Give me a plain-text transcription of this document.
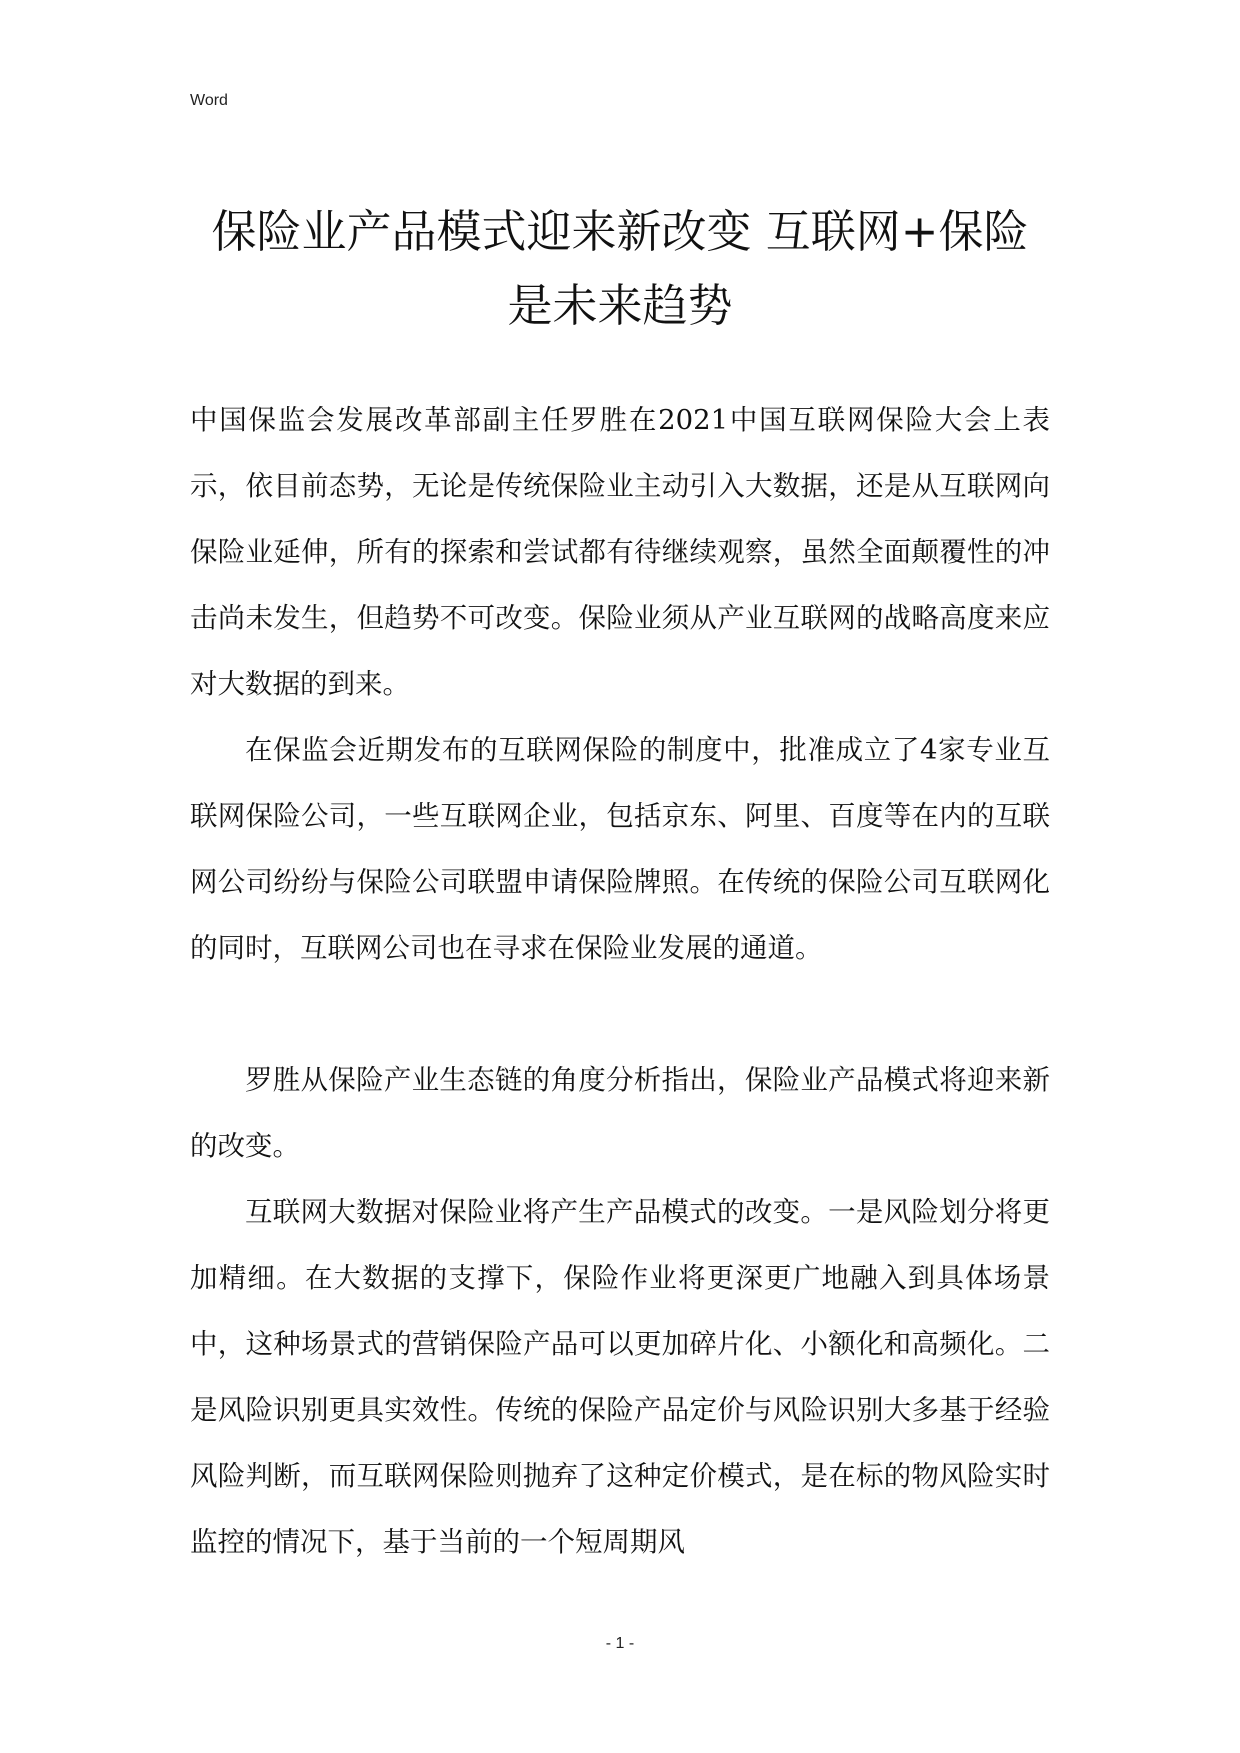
Word
保险业产品模式迎来新改变 互联网+保险
是未来趋势

中国保监会发展改革部副主任罗胜在2021中国互联网保险大会上表示，依目前态势，无论是传统保险业主动引入大数据，还是从互联网向保险业延伸，所有的探索和尝试都有待继续观察，虽然全面颠覆性的冲击尚未发生，但趋势不可改变。保险业须从产业互联网的战略高度来应对大数据的到来。

在保监会近期发布的互联网保险的制度中，批准成立了4家专业互联网保险公司，一些互联网企业，包括京东、阿里、百度等在内的互联网公司纷纷与保险公司联盟申请保险牌照。在传统的保险公司互联网化的同时，互联网公司也在寻求在保险业发展的通道。

罗胜从保险产业生态链的角度分析指出，保险业产品模式将迎来新的改变。

互联网大数据对保险业将产生产品模式的改变。一是风险划分将更加精细。在大数据的支撑下，保险作业将更深更广地融入到具体场景中，这种场景式的营销保险产品可以更加碎片化、小额化和高频化。二是风险识别更具实效性。传统的保险产品定价与风险识别大多基于经验风险判断，而互联网保险则抛弃了这种定价模式，是在标的物风险实时监控的情况下，基于当前的一个短周期风

- 1 -
